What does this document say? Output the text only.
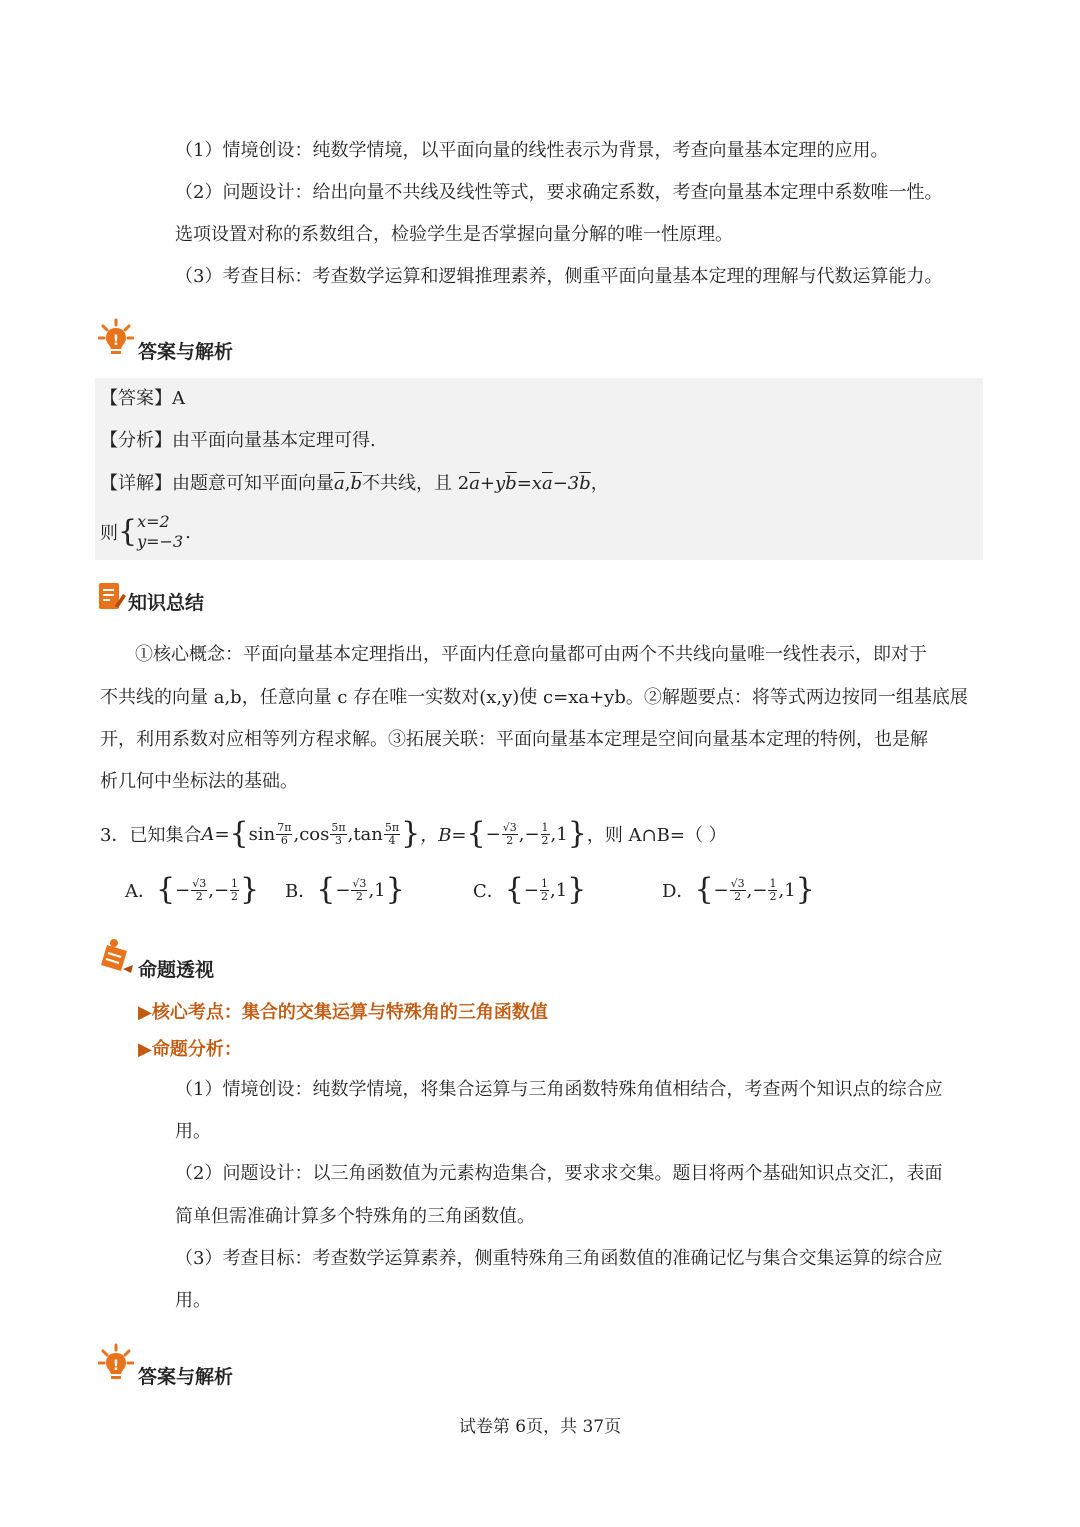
（1）情境创设：纯数学情境，以平面向量的线性表示为背景，考查向量基本定理的应用。
（2）问题设计：给出向量不共线及线性等式，要求确定系数，考查向量基本定理中系数唯一性。
选项设置对称的系数组合，检验学生是否掌握向量分解的唯一性原理。
（3）考查目标：考查数学运算和逻辑推理素养，侧重平面向量基本定理的理解与代数运算能力。
! 答案与解析
【答案】A
【分析】由平面向量基本定理可得.
【详解】由题意可知平面向量$\overline{a},\overline{b}$不共线，且 $2\overline{a}+y\overline{b}=x\overline{a}-3\overline{b}$，
则 { x=2
y=−3 .
知识总结
①核心概念：平面向量基本定理指出，平面内任意向量都可由两个不共线向量唯一线性表示，即对于
不共线的向量 a,b，任意向量 c 存在唯一实数对(x,y)使 c=xa+yb。②解题要点：将等式两边按同一组基底展
开，利用系数对应相等列方程求解。③拓展关联：平面向量基本定理是空间向量基本定理的特例，也是解
析几何中坐标法的基础。
3．已知集合 A= { $\sin \frac{7\pi}{6} ,\cos \frac{5\pi}{3} ,\tan \frac{5\pi}{4}$ } ，B= { − $\frac{√3}{2}$ , − $\frac{1}{2}$ , 1 } ，则 A∩B=（ ）
A． { − $\frac{√3}{2}$ , − $\frac{1}{2}$ } B． { − $\frac{√3}{2}$ , 1 }	C． { − $\frac{1}{2}$ , 1 }	D． { − $\frac{√3}{2}$ , − $\frac{1}{2}$ , 1 }
命题透视
▶核心考点：集合的交集运算与特殊角的三角函数值
▶命题分析：
（1）情境创设：纯数学情境，将集合运算与三角函数特殊角值相结合，考查两个知识点的综合应
用。
（2）问题设计：以三角函数值为元素构造集合，要求求交集。题目将两个基础知识点交汇，表面
简单但需准确计算多个特殊角的三角函数值。
（3）考查目标：考查数学运算素养，侧重特殊角三角函数值的准确记忆与集合交集运算的综合应
用。
! 答案与解析
试卷第 6页，共 37页
